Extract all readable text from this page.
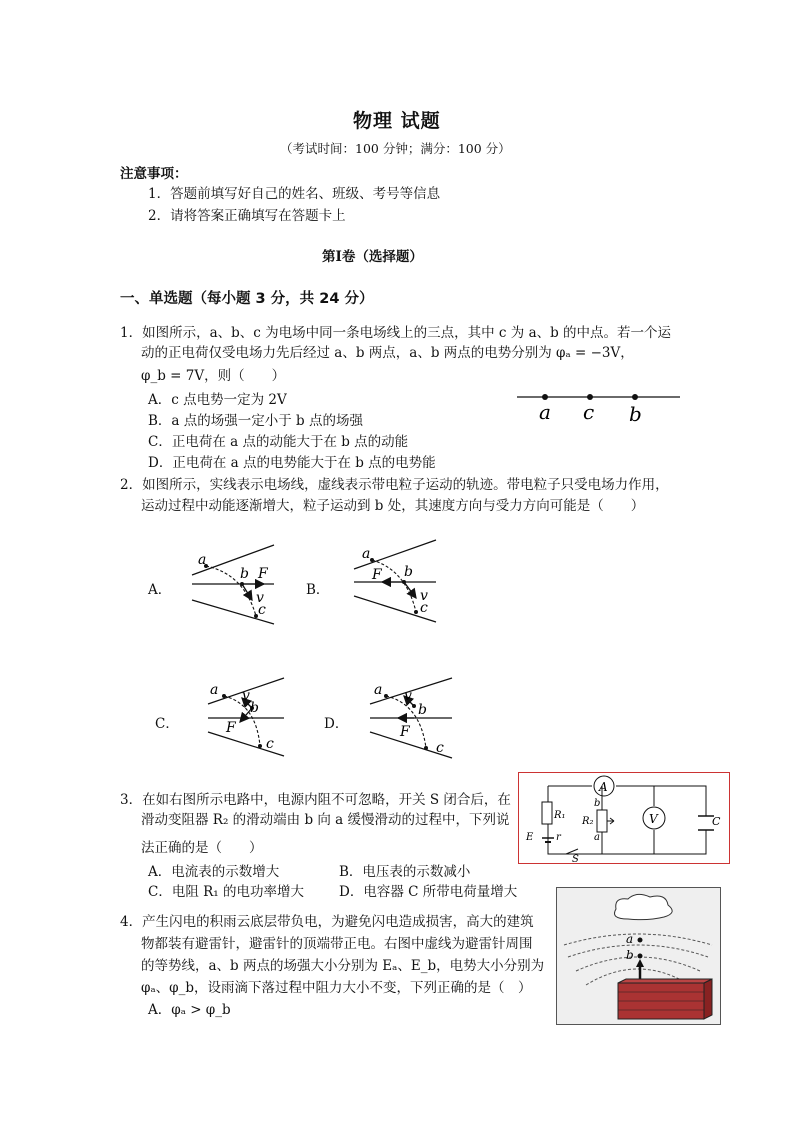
物理 试题
（考试时间：100 分钟；满分：100 分）
注意事项：
1．答题前填写好自己的姓名、班级、考号等信息
2．请将答案正确填写在答题卡上
第Ⅰ卷（选择题）
一、单选题（每小题 3 分，共 24 分）
1．如图所示，a、b、c 为电场中同一条电场线上的三点，其中 c 为 a、b 的中点。若一个运
动的正电荷仅受电场力先后经过 a、b 两点，a、b 两点的电势分别为 φₐ = −3V，
φ_b = 7V，则（　　）
A．c 点电势一定为 2V
B．a 点的场强一定小于 b 点的场强
C．正电荷在 a 点的动能大于在 b 点的动能
D．正电荷在 a 点的电势能大于在 b 点的电势能
a c b
2．如图所示，实线表示电场线，虚线表示带电粒子运动的轨迹。带电粒子只受电场力作用，
运动过程中动能逐渐增大，粒子运动到 b 处，其速度方向与受力方向可能是（　　）
A．	B．
C．	D．
a
b F
v
c
a
F b
v
c
a v
b
F
c
a v
b
F
c
3．在如右图所示电路中，电源内阻不可忽略，开关 S 闭合后，在
滑动变阻器 R₂ 的滑动端由 b 向 a 缓慢滑动的过程中，下列说
法正确的是（　　）
A．电流表的示数增大	B．电压表的示数减小
C．电阻 R₁ 的电功率增大	D．电容器 C 所带电荷量增大
A
R₁
R₂
b
a
V	C
E r
S
4．产生闪电的积雨云底层带负电，为避免闪电造成损害，高大的建筑
物都装有避雷针，避雷针的顶端带正电。右图中虚线为避雷针周围
的等势线，a、b 两点的场强大小分别为 Eₐ、E_b，电势大小分别为
φₐ、φ_b，设雨滴下落过程中阻力大小不变，下列正确的是（　）
A．φₐ > φ_b
a
b
